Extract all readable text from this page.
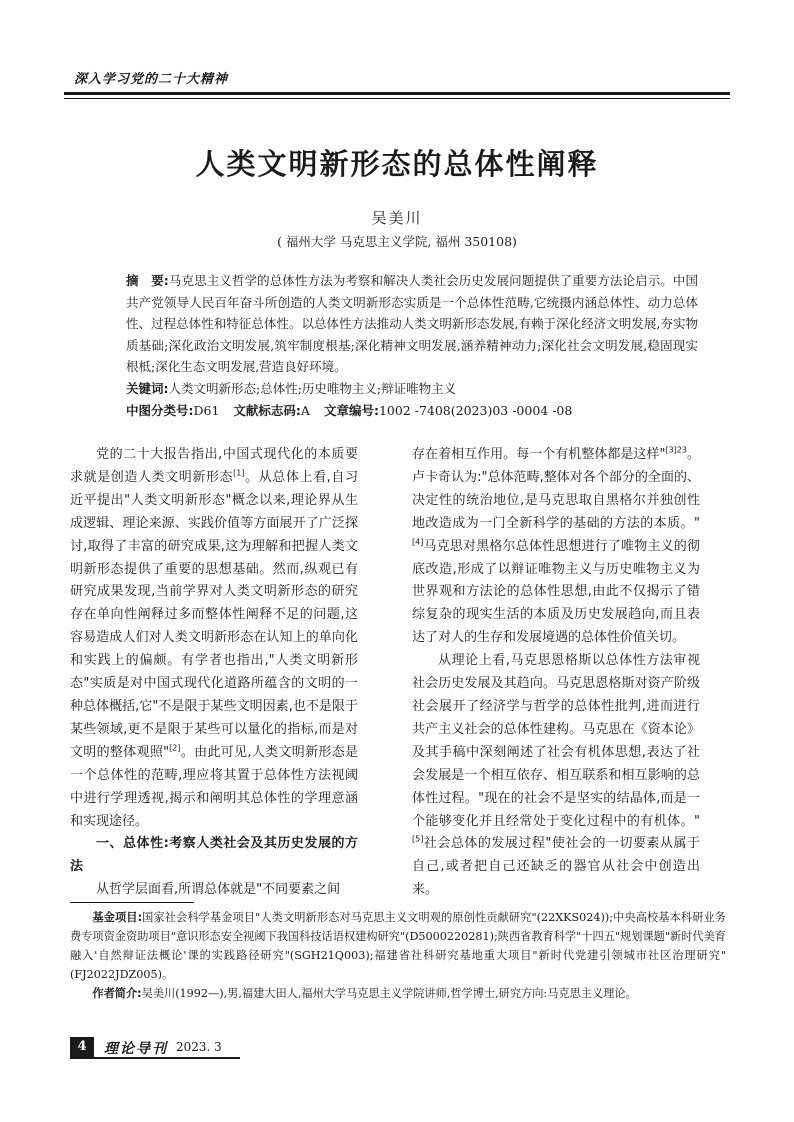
深入学习党的二十大精神
人类文明新形态的总体性阐释
吴美川
( 福州大学 马克思主义学院, 福州 350108)
摘　要:马克思主义哲学的总体性方法为考察和解决人类社会历史发展问题提供了重要方法论启示。中国共产党领导人民百年奋斗所创造的人类文明新形态实质是一个总体性范畴,它统摄内涵总体性、动力总体性、过程总体性和特征总体性。以总体性方法推动人类文明新形态发展,有赖于深化经济文明发展,夯实物质基础;深化政治文明发展,筑牢制度根基;深化精神文明发展,涵养精神动力;深化社会文明发展,稳固现实根柢;深化生态文明发展,营造良好环境。
关键词:人类文明新形态;总体性;历史唯物主义;辩证唯物主义
中图分类号:D61 文献标志码:A 文章编号:1002 -7408(2023)03 -0004 -08

党的二十大报告指出,中国式现代化的本质要求就是创造人类文明新形态[1]。从总体上看,自习近平提出"人类文明新形态"概念以来,理论界从生成逻辑、理论来源、实践价值等方面展开了广泛探讨,取得了丰富的研究成果,这为理解和把握人类文明新形态提供了重要的思想基础。然而,纵观已有研究成果发现,当前学界对人类文明新形态的研究存在单向性阐释过多而整体性阐释不足的问题,这容易造成人们对人类文明新形态在认知上的单向化和实践上的偏颇。有学者也指出,"人类文明新形态"实质是对中国式现代化道路所蕴含的文明的一种总体概括,它"不是限于某些文明因素,也不是限于某些领域,更不是限于某些可以量化的指标,而是对文明的整体观照"[2]。由此可见,人类文明新形态是一个总体性的范畴,理应将其置于总体性方法视阈中进行学理透视,揭示和阐明其总体性的学理意涵和实现途径。

一、总体性:考察人类社会及其历史发展的方法

从哲学层面看,所谓总体就是"不同要素之间

存在着相互作用。每一个有机整体都是这样"$^{[3]23}$。卢卡奇认为:"总体范畴,整体对各个部分的全面的、决定性的统治地位,是马克思取自黑格尔并独创性地改造成为一门全新科学的基础的方法的本质。"[4]马克思对黑格尔总体性思想进行了唯物主义的彻底改造,形成了以辩证唯物主义与历史唯物主义为世界观和方法论的总体性思想,由此不仅揭示了错综复杂的现实生活的本质及历史发展趋向,而且表达了对人的生存和发展境遇的总体性价值关切。

从理论上看,马克思恩格斯以总体性方法审视社会历史发展及其趋向。马克思恩格斯对资产阶级社会展开了经济学与哲学的总体性批判,进而进行共产主义社会的总体性建构。马克思在《资本论》及其手稿中深刻阐述了社会有机体思想,表达了社会发展是一个相互依存、相互联系和相互影响的总体性过程。"现在的社会不是坚实的结晶体,而是一个能够变化并且经常处于变化过程中的有机体。"[5]社会总体的发展过程"使社会的一切要素从属于自己,或者把自己还缺乏的器官从社会中创造出来。

基金项目:国家社会科学基金项目"人类文明新形态对马克思主义文明观的原创性贡献研究"(22XKS024));中央高校基本科研业务费专项资金资助项目"意识形态安全视阈下我国科技话语权建构研究"(D5000220281);陕西省教育科学"十四五"规划课题"新时代美育融入'自然辩证法概论'课的实践路径研究"(SGH21Q003);福建省社科研究基地重大项目"新时代党建引领城市社区治理研究"(FJ2022JDZ005)。

作者简介:吴美川(1992—),男,福建大田人,福州大学马克思主义学院讲师,哲学博士,研究方向:马克思主义理论。

4	理论导刊 2023. 3
